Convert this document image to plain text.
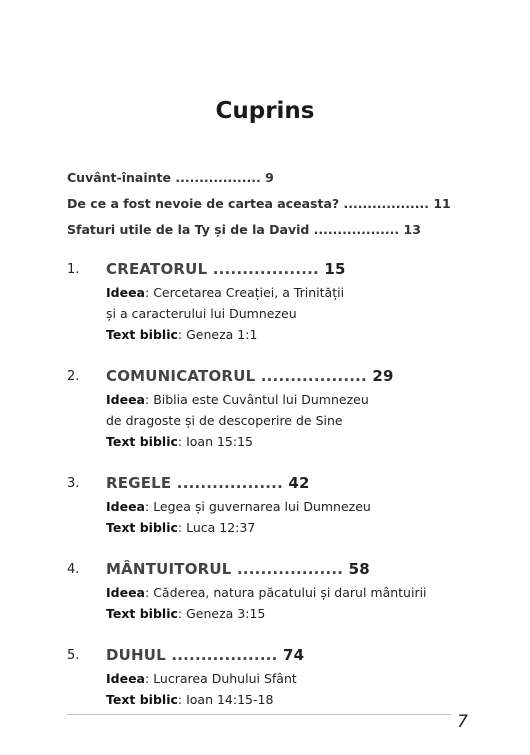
Cuprins
Cuvânt-înainte .................. 9
De ce a fost nevoie de cartea aceasta? .................. 11
Sfaturi utile de la Ty și de la David .................. 13
1. CREATORUL .................. 15
Ideea: Cercetarea Creației, a Trinității
și a caracterului lui Dumnezeu
Text biblic: Geneza 1:1
2. COMUNICATORUL .................. 29
Ideea: Biblia este Cuvântul lui Dumnezeu
de dragoste și de descoperire de Sine
Text biblic: Ioan 15:15
3. REGELE .................. 42
Ideea: Legea și guvernarea lui Dumnezeu
Text biblic: Luca 12:37
4. MÂNTUITORUL .................. 58
Ideea: Căderea, natura păcatului și darul mântuirii
Text biblic: Geneza 3:15
5. DUHUL .................. 74
Ideea: Lucrarea Duhului Sfânt
Text biblic: Ioan 14:15-18
7
